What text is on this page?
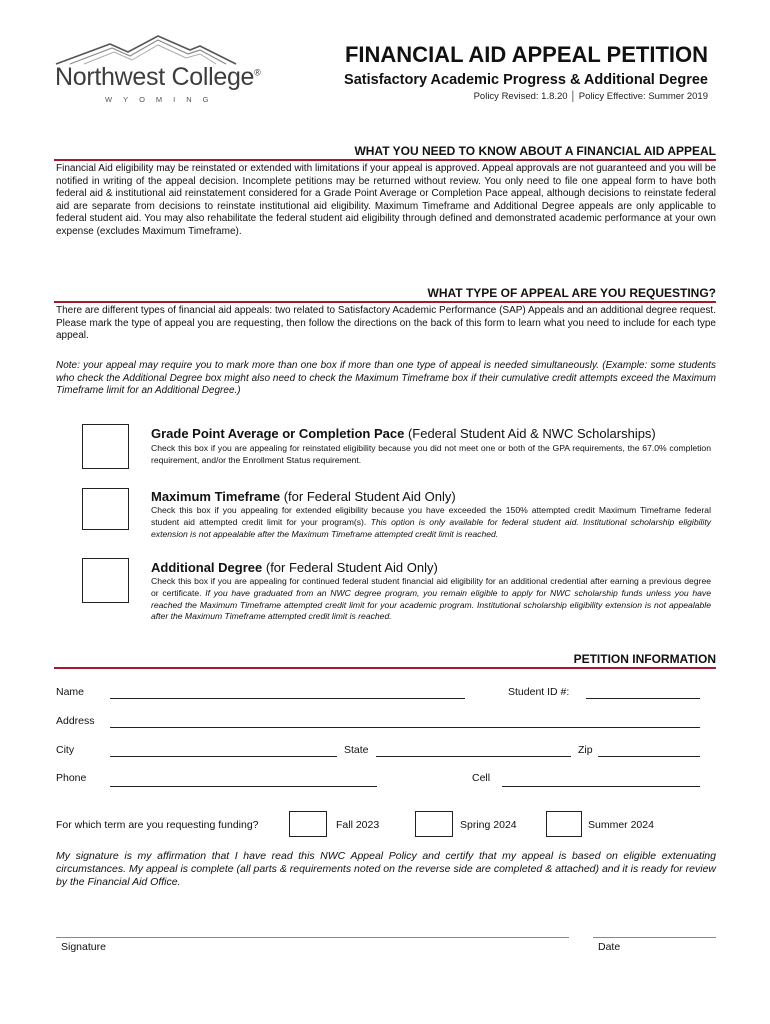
Northwest College®
WYOMING
FINANCIAL AID APPEAL PETITION
Satisfactory Academic Progress & Additional Degree
Policy Revised: 1.8.20 │ Policy Effective: Summer 2019
WHAT YOU NEED TO KNOW ABOUT A FINANCIAL AID APPEAL
Financial Aid eligibility may be reinstated or extended with limitations if your appeal is approved. Appeal approvals are not guaranteed and you will be notified in writing of the appeal decision. Incomplete petitions may be returned without review. You only need to file one appeal form to have both federal aid & institutional aid reinstatement considered for a Grade Point Average or Completion Pace appeal, although decisions to reinstate federal aid are separate from decisions to reinstate institutional aid eligibility. Maximum Timeframe and Additional Degree appeals are only applicable to federal student aid. You may also rehabilitate the federal student aid eligibility through defined and demonstrated academic performance at your own expense (excludes Maximum Timeframe).
WHAT TYPE OF APPEAL ARE YOU REQUESTING?
There are different types of financial aid appeals: two related to Satisfactory Academic Performance (SAP) Appeals and an additional degree request. Please mark the type of appeal you are requesting, then follow the directions on the back of this form to learn what you need to include for each type appeal.
Note: your appeal may require you to mark more than one box if more than one type of appeal is needed simultaneously. (Example: some students who check the Additional Degree box might also need to check the Maximum Timeframe box if their cumulative credit attempts exceed the Maximum Timeframe limit for an Additional Degree.)
Grade Point Average or Completion Pace (Federal Student Aid & NWC Scholarships)
Check this box if you are appealing for reinstated eligibility because you did not meet one or both of the GPA requirements, the 67.0% completion requirement, and/or the Enrollment Status requirement.
Maximum Timeframe (for Federal Student Aid Only)
Check this box if you appealing for extended eligibility because you have exceeded the 150% attempted credit Maximum Timeframe federal student aid attempted credit limit for your program(s). This option is only available for federal student aid. Institutional scholarship eligibility extension is not appealable after the Maximum Timeframe attempted credit limit is reached.
Additional Degree (for Federal Student Aid Only)
Check this box if you are appealing for continued federal student financial aid eligibility for an additional credential after earning a previous degree or certificate. If you have graduated from an NWC degree program, you remain eligible to apply for NWC scholarship funds unless you have reached the Maximum Timeframe attempted credit limit for your academic program. Institutional scholarship eligibility extension is not appealable after the Maximum Timeframe attempted credit limit is reached.
PETITION INFORMATION
Name	Student ID #:
Address
City	State	Zip
Phone	Cell
For which term are you requesting funding?	Fall 2023	Spring 2024	Summer 2024
My signature is my affirmation that I have read this NWC Appeal Policy and certify that my appeal is based on eligible extenuating circumstances. My appeal is complete (all parts & requirements noted on the reverse side are completed & attached) and it is ready for review by the Financial Aid Office.
Signature	Date
